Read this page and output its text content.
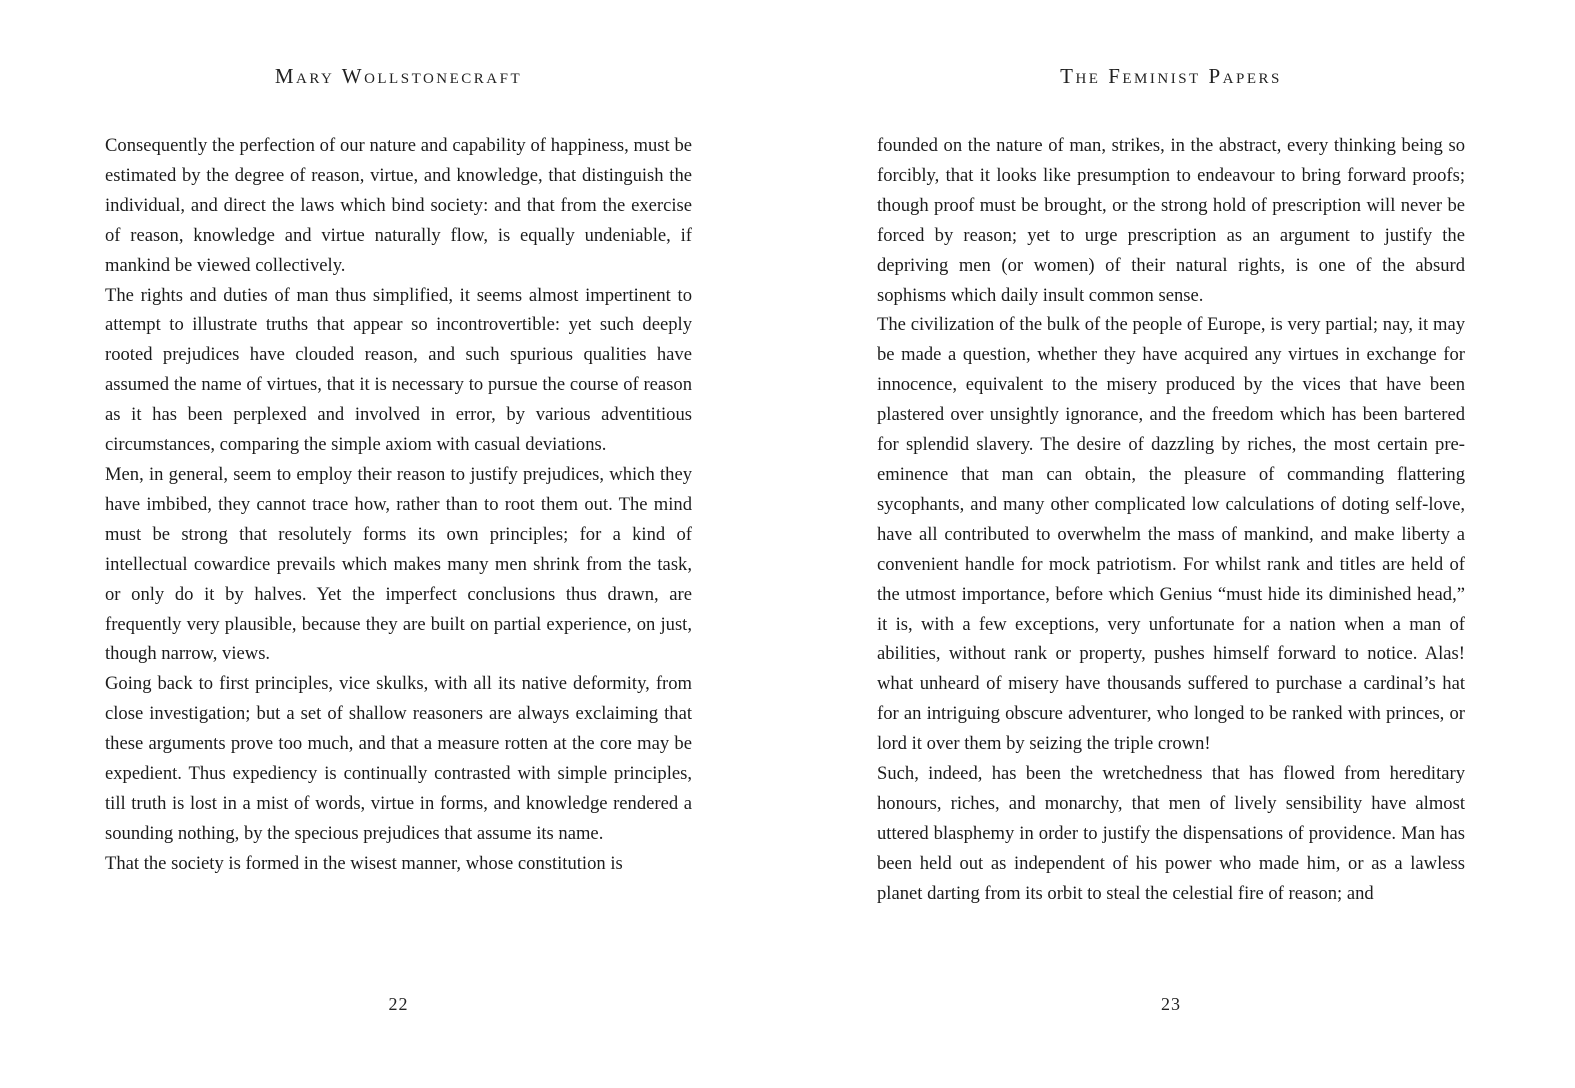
Mary Wollstonecraft

Consequently the perfection of our nature and capability of happiness, must be estimated by the degree of reason, virtue, and knowledge, that distinguish the individual, and direct the laws which bind society: and that from the exercise of reason, knowledge and virtue naturally flow, is equally undeniable, if mankind be viewed collectively.

The rights and duties of man thus simplified, it seems almost impertinent to attempt to illustrate truths that appear so incontrovertible: yet such deeply rooted prejudices have clouded reason, and such spurious qualities have assumed the name of virtues, that it is necessary to pursue the course of reason as it has been perplexed and involved in error, by various adventitious circumstances, comparing the simple axiom with casual deviations.

Men, in general, seem to employ their reason to justify prejudices, which they have imbibed, they cannot trace how, rather than to root them out. The mind must be strong that resolutely forms its own principles; for a kind of intellectual cowardice prevails which makes many men shrink from the task, or only do it by halves. Yet the imperfect conclusions thus drawn, are frequently very plausible, because they are built on partial experience, on just, though narrow, views.

Going back to first principles, vice skulks, with all its native deformity, from close investigation; but a set of shallow reasoners are always exclaiming that these arguments prove too much, and that a measure rotten at the core may be expedient. Thus expediency is continually contrasted with simple principles, till truth is lost in a mist of words, virtue in forms, and knowledge rendered a sounding nothing, by the specious prejudices that assume its name.

That the society is formed in the wisest manner, whose constitution is

22
The Feminist Papers

founded on the nature of man, strikes, in the abstract, every thinking being so forcibly, that it looks like presumption to endeavour to bring forward proofs; though proof must be brought, or the strong hold of prescription will never be forced by reason; yet to urge prescription as an argument to justify the depriving men (or women) of their natural rights, is one of the absurd sophisms which daily insult common sense.

The civilization of the bulk of the people of Europe, is very partial; nay, it may be made a question, whether they have acquired any virtues in exchange for innocence, equivalent to the misery produced by the vices that have been plastered over unsightly ignorance, and the freedom which has been bartered for splendid slavery. The desire of dazzling by riches, the most certain pre-eminence that man can obtain, the pleasure of commanding flattering sycophants, and many other complicated low calculations of doting self-love, have all contributed to overwhelm the mass of mankind, and make liberty a convenient handle for mock patriotism. For whilst rank and titles are held of the utmost importance, before which Genius “must hide its diminished head,” it is, with a few exceptions, very unfortunate for a nation when a man of abilities, without rank or property, pushes himself forward to notice. Alas! what unheard of misery have thousands suffered to purchase a cardinal’s hat for an intriguing obscure adventurer, who longed to be ranked with princes, or lord it over them by seizing the triple crown!

Such, indeed, has been the wretchedness that has flowed from hereditary honours, riches, and monarchy, that men of lively sensibility have almost uttered blasphemy in order to justify the dispensations of providence. Man has been held out as independent of his power who made him, or as a lawless planet darting from its orbit to steal the celestial fire of reason; and

23
